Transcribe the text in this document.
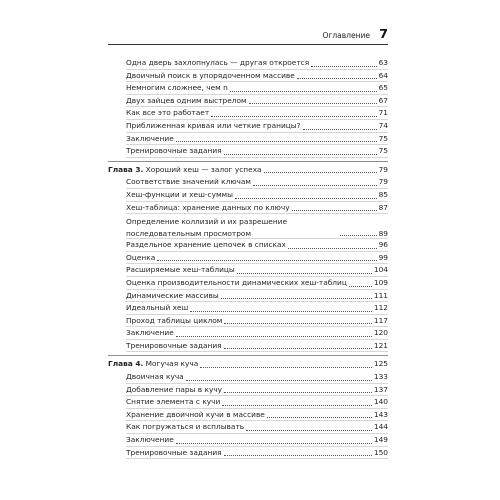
Оглавление 7
Одна дверь захлопнулась — другая откроется	63
Двоичный поиск в упорядоченном массиве	64
Немногим сложнее, чем n	65
Двух зайцев одним выстрелом	67
Как все это работает	71
Приближенная кривая или четкие границы?	74
Заключение	75
Тренировочные задания	75
Глава 3. Хороший хеш — залог успеха	79
Соответствие значений ключам	79
Хеш-функции и хеш-суммы	85
Хеш-таблица: хранение данных по ключу	87
Определение коллизий и их разрешение последовательным просмотром	89
Раздельное хранение цепочек в списках	96
Оценка	99
Расширяемые хеш-таблицы	104
Оценка производительности динамических хеш-таблиц	109
Динамические массивы	111
Идеальный хеш	112
Проход таблицы циклом	117
Заключение	120
Тренировочные задания	121
Глава 4. Могучая куча	125
Двоичная куча	133
Добавление пары в кучу	137
Снятие элемента с кучи	140
Хранение двоичной кучи в массиве	143
Как погружаться и всплывать	144
Заключение	149
Тренировочные задания	150
